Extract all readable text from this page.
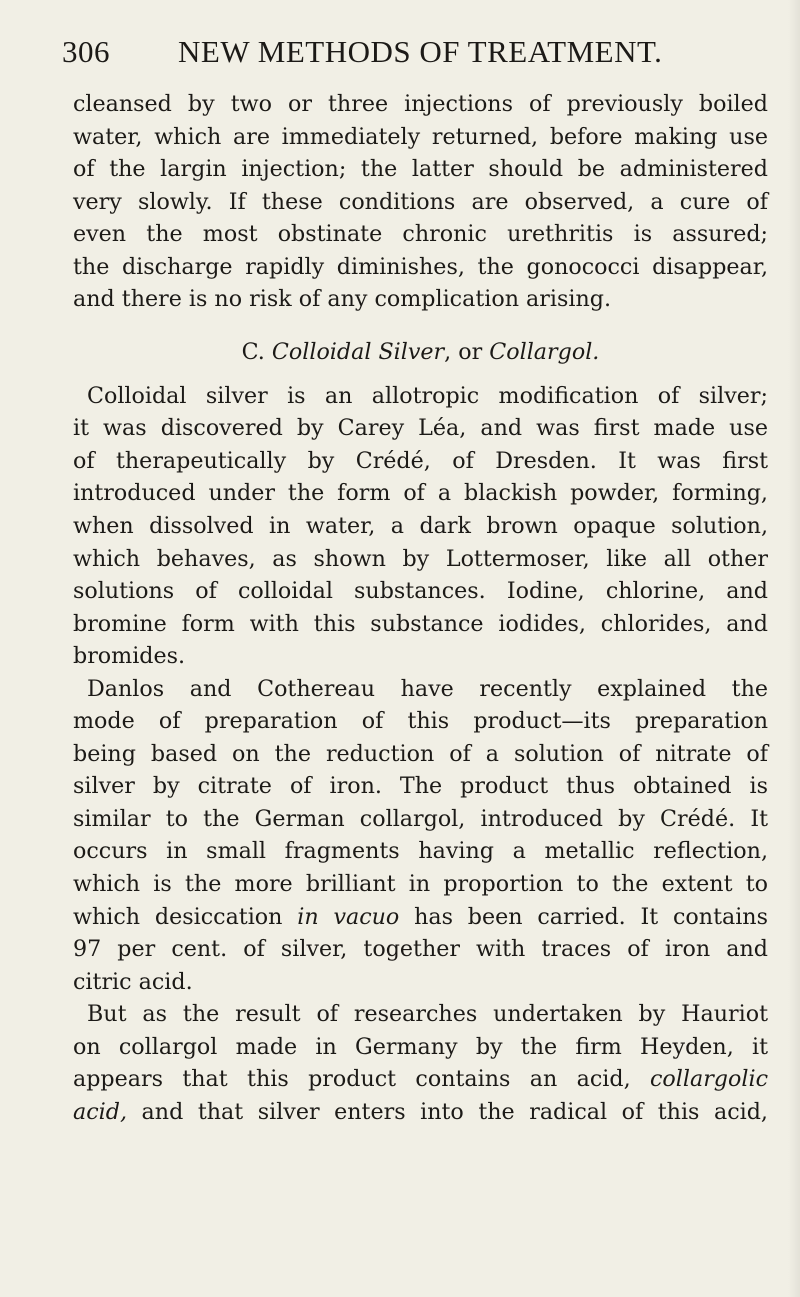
306 NEW METHODS OF TREATMENT.
cleansed by two or three injections of previously boiled
water, which are immediately returned, before making use
of the largin injection; the latter should be administered
very slowly. If these conditions are observed, a cure of
even the most obstinate chronic urethritis is assured;
the discharge rapidly diminishes, the gonococci disappear,
and there is no risk of any complication arising.
C. Colloidal Silver, or Collargol.
Colloidal silver is an allotropic modification of silver;
it was discovered by Carey Léa, and was first made use
of therapeutically by Crédé, of Dresden. It was first
introduced under the form of a blackish powder, forming,
when dissolved in water, a dark brown opaque solution,
which behaves, as shown by Lottermoser, like all other
solutions of colloidal substances. Iodine, chlorine, and
bromine form with this substance iodides, chlorides, and
bromides.
Danlos and Cothereau have recently explained the
mode of preparation of this product—its preparation
being based on the reduction of a solution of nitrate of
silver by citrate of iron. The product thus obtained is
similar to the German collargol, introduced by Crédé. It
occurs in small fragments having a metallic reflection,
which is the more brilliant in proportion to the extent to
which desiccation in vacuo has been carried. It contains
97 per cent. of silver, together with traces of iron and
citric acid.
But as the result of researches undertaken by Hauriot
on collargol made in Germany by the firm Heyden, it
appears that this product contains an acid, collargolic
acid, and that silver enters into the radical of this acid,
